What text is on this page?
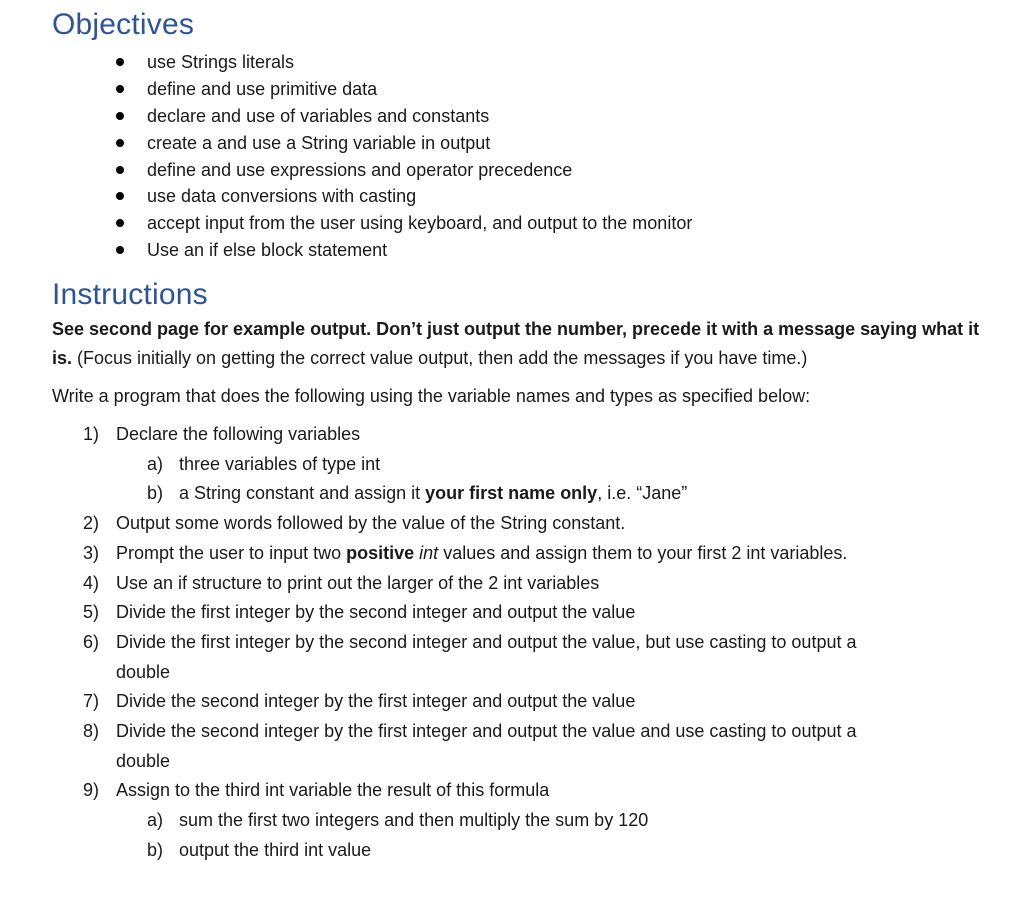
Objectives
use Strings literals
define and use primitive data
declare and use of variables and constants
create a and use a String variable in output
define and use expressions and operator precedence
use data conversions with casting
accept input from the user using keyboard, and output to the monitor
Use an if else block statement
Instructions

See second page for example output. Don’t just output the number, precede it with a message saying what it is. (Focus initially on getting the correct value output, then add the messages if you have time.)

Write a program that does the following using the variable names and types as specified below:

1) Declare the following variables
a) three variables of type int
b) a String constant and assign it your first name only, i.e. “Jane”
2) Output some words followed by the value of the String constant.
3) Prompt the user to input two positive int values and assign them to your first 2 int variables.
4) Use an if structure to print out the larger of the 2 int variables
5) Divide the first integer by the second integer and output the value
6) Divide the first integer by the second integer and output the value, but use casting to output a
double
7) Divide the second integer by the first integer and output the value
8) Divide the second integer by the first integer and output the value and use casting to output a
double
9) Assign to the third int variable the result of this formula
a) sum the first two integers and then multiply the sum by 120
b) output the third int value
